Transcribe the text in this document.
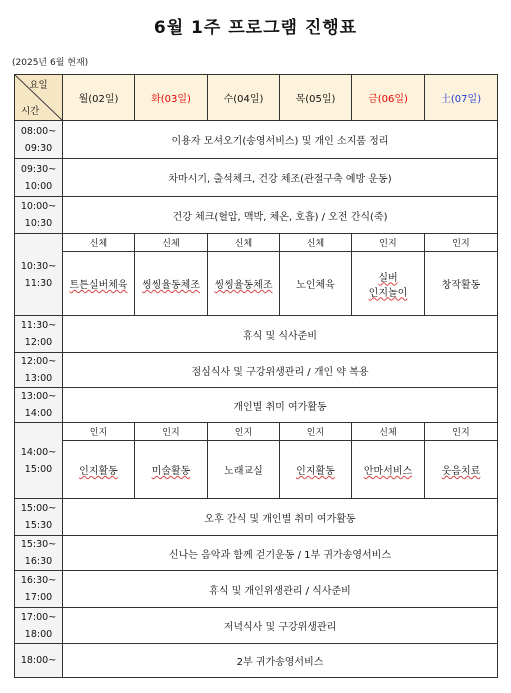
6월 1주 프로그램 진행표
(2025년 6월 현재)
요일
시간	월(02일)	화(03일)	수(04일)	목(05일)	금(06일)	土(07일)
08:00~
09:30	이용자 모셔오기(송영서비스) 및 개인 소지품 정리					
09:30~
10:00	차마시기, 출석체크, 건강 체조(관절구축 예방 운동)					
10:00~
10:30	건강 체크(혈압, 맥박, 체온, 호흡) / 오전 간식(죽)					
10:30~
11:30	신체	신체	신체	신체	인지	인지
	트튼실버체육	씽씽율동체조	씽씽율동체조	노인체육	실버
인지놀이	창작활동
11:30~
12:00	휴식 및 식사준비					
12:00~
13:00	점심식사 및 구강위생관리 / 개인 약 복용					
13:00~
14:00	개인별 취미 여가활동					
14:00~
15:00	인지	인지	인지	인지	신체	인지
	인지활동	미술활동	노래교실	인지활동	안마서비스	웃음치료
15:00~
15:30	오후 간식 및 개인별 취미 여가활동					
15:30~
16:30	신나는 음악과 함께 걷기운동 / 1부 귀가송영서비스					
16:30~
17:00	휴식 및 개인위생관리 / 식사준비					
17:00~
18:00	저녁식사 및 구강위생관리					
18:00~	2부 귀가송영서비스					
